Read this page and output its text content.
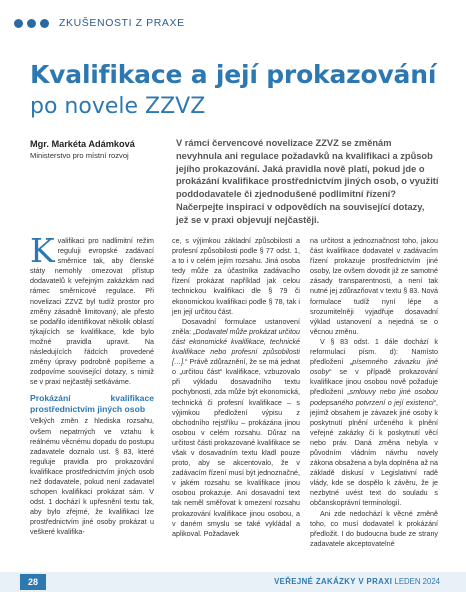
ZKUŠENOSTI Z PRAXE
Kvalifikace a její prokazování
po novele ZZVZ
Mgr. Markéta Adámková
Ministerstvo pro místní rozvoj
V rámci červencové novelizace ZZVZ se změnám nevyhnula ani regulace požadavků na kvalifikaci a způsob jejího prokazování. Jaká pravidla nově platí, pokud jde o prokázání kvalifikace prostřednictvím jiných osob, o využití poddodavatele či zjednodušené podlimitní řízení? Načerpejte inspiraci v odpovědích na související dotazy, jež se v praxi objevují nejčastěji.

Kvalifikaci pro nadlimitní režim reguluji evropské zadávací směrnice tak, aby členské státy nemohly omezovat přístup dodavatelů k veřejným zakázkám nad rámec směrnicové regulace. Při novelizaci ZZVZ byl tudíž prostor pro změny zásadně limitovaný, ale přesto se podařilo identifikovat několik oblastí týkajících se kvalifikace, kde bylo možné pravidla upravit. Na následujících řádcích provedené změny úpravy podrobně popíšeme a zodpovíme související dotazy, s nimiž se v praxi nejčastěji setkáváme.

Prokázání kvalifikace prostřednictvím jiných osob

Velkých změn z hlediska rozsahu, ovšem nepatrných ve vztahu k reálnému věcnému dopadu do postupu zadavatele doznalo ust. § 83, které reguluje pravidla pro prokazování kvalifikace prostřednictvím jiných osob než dodavatele, pokud není zadavatel schopen kvalifikaci prokázat sám. V odst. 1 dochází k upřesnění textu tak, aby bylo zřejmé, že kvalifikaci lze prostřednictvím jiné osoby prokázat u veškeré kvalifika-

ce, s výjimkou základní způsobilosti a profesní způsobilosti podle § 77 odst. 1, a to i v celém jejím rozsahu. Jiná osoba tedy může za účastníka zadávacího řízení prokázat například jak celou technickou kvalifikaci dle § 79 či ekonomickou kvalifikaci podle § 78, tak i jen její určitou část.

Dosavadní formulace ustanovení zněla: „Dodavatel může prokázat určitou část ekonomické kvalifikace, technické kvalifikace nebo profesní způsobilosti […].“ Právě zdůraznění, že se má jednat o „určitou část“ kvalifikace, vzbuzovalo při výkladu dosavadního textu pochybnosti, zda může být ekonomická, technická či profesní kvalifikace – s výjimkou předložení výpisu z obchodního rejstříku – prokázána jinou osobou v celém rozsahu. Důraz na určitost části prokazované kvalifikace se však v dosavadním textu kladl pouze proto, aby se akcentovalo, že v zadávacím řízení musí být jednoznačné, v jakém rozsahu se kvalifikace jinou osobou prokazuje. Ani dosavadní text tak neměl směřovat k omezení rozsahu prokazování kvalifikace jinou osobou, a v daném smyslu se také vykládal a aplikoval. Požadavek

na určitost a jednoznačnost toho, jakou část kvalifikace dodavatel v zadávacím řízení prokazuje prostřednictvím jiné osoby, lze ovšem dovodit již ze samotné zásady transparentnosti, a není tak nutné jej zdůrazňovat v textu § 83. Nová formulace tudíž nyní lépe a srozumitelněji vyjadřuje dosavadní výklad ustanovení a nejedná se o věcnou změnu.

V § 83 odst. 1 dále dochází k reformulaci písm. d): Namísto předložení „písemného závazku jiné osoby“ se v případě prokazování kvalifikace jinou osobou nově požaduje předložení „smlouvy nebo jiné osobou podepsaného potvrzení o její existenci“, jejímž obsahem je závazek jiné osoby k poskytnutí plnění určeného k plnění veřejné zakázky či k poskytnutí věcí nebo práv. Daná změna nebyla v původním vládním návrhu novely zákona obsažena a byla doplněna až na základě diskusí v Legislativní radě vlády, kde se dospělo k závěru, že je nezbytné uvést text do souladu s občanskoprávní terminologií.

Ani zde nedochází k věcné změně toho, co musí dodavatel k prokázání předložit. I do budoucna bude ze strany zadavatele akceptovatelné

28	VEŘEJNÉ ZAKÁZKY V PRAXI LEDEN 2024
